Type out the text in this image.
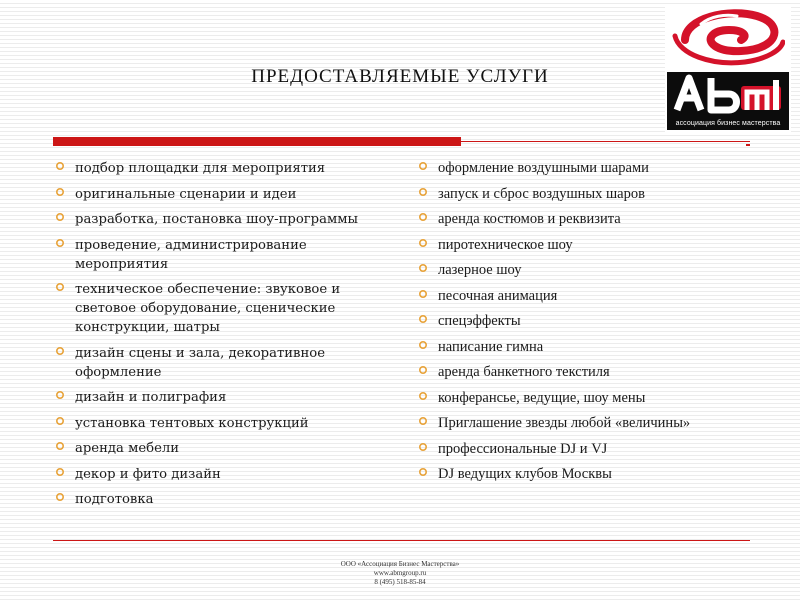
ПРЕДОСТАВЛЯЕМЫЕ УСЛУГИ
ассоциация бизнес мастерства
подбор площадки для мероприятия
оригинальные сценарии и идеи
разработка, постановка шоу-программы
проведение, администрирование мероприятия
техническое обеспечение: звуковое и световое оборудование, сценические конструкции, шатры
дизайн сцены и зала, декоративное оформление
дизайн и полиграфия
установка тентовых конструкций
аренда мебели
декор и фито дизайн
подготовка
оформление воздушными шарами
запуск и сброс воздушных шаров
аренда костюмов и реквизита
пиротехническое шоу
лазерное шоу
песочная анимация
спецэффекты
написание гимна
аренда банкетного текстиля
конферансье, ведущие, шоу мены
Приглашение звезды любой «величины»
профессиональные DJ и VJ
DJ ведущих клубов Москвы
ООО «Ассоциация Бизнес Мастерства»
www.abmgroup.ru
8 (495) 518-85-84
